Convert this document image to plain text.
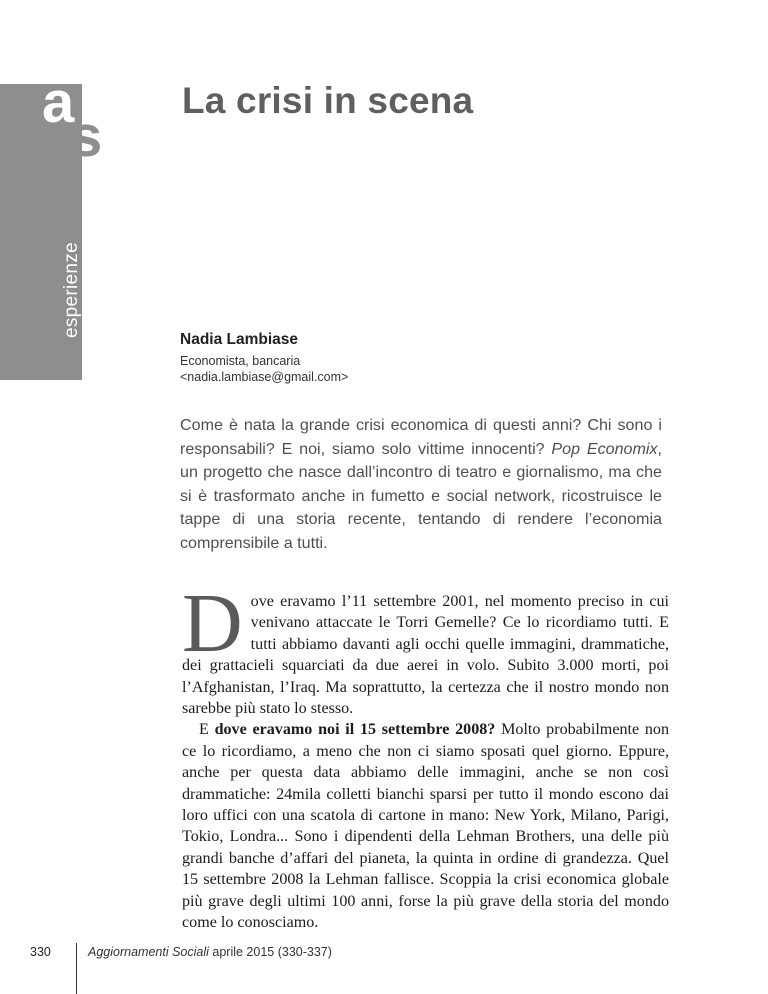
esperienze
a
s
La crisi in scena
Nadia Lambiase
Economista, bancaria
<nadia.lambiase@gmail.com>

Come è nata la grande crisi economica di questi anni? Chi sono i responsabili? E noi, siamo solo vittime innocenti? Pop Economix, un progetto che nasce dall’incontro di teatro e giornalismo, ma che si è trasformato anche in fumetto e social network, ricostruisce le tappe di una storia recente, tentando di rendere l’economia comprensibile a tutti.

Dove eravamo l’11 settembre 2001, nel momento preciso in cui venivano attaccate le Torri Gemelle? Ce lo ricordiamo tutti. E tutti abbiamo davanti agli occhi quelle immagini, drammatiche, dei grattacieli squarciati da due aerei in volo. Subito 3.000 morti, poi l’Afghanistan, l’Iraq. Ma soprattutto, la certezza che il nostro mondo non sarebbe più stato lo stesso.

E dove eravamo noi il 15 settembre 2008? Molto probabilmente non ce lo ricordiamo, a meno che non ci siamo sposati quel giorno. Eppure, anche per questa data abbiamo delle immagini, anche se non così drammatiche: 24mila colletti bianchi sparsi per tutto il mondo escono dai loro uffici con una scatola di cartone in mano: New York, Milano, Parigi, Tokio, Londra... Sono i dipendenti della Lehman Brothers, una delle più grandi banche d’affari del pianeta, la quinta in ordine di grandezza. Quel 15 settembre 2008 la Lehman fallisce. Scoppia la crisi economica globale più grave degli ultimi 100 anni, forse la più grave della storia del mondo come lo conosciamo.

330	Aggiornamenti Sociali aprile 2015 (330-337)
